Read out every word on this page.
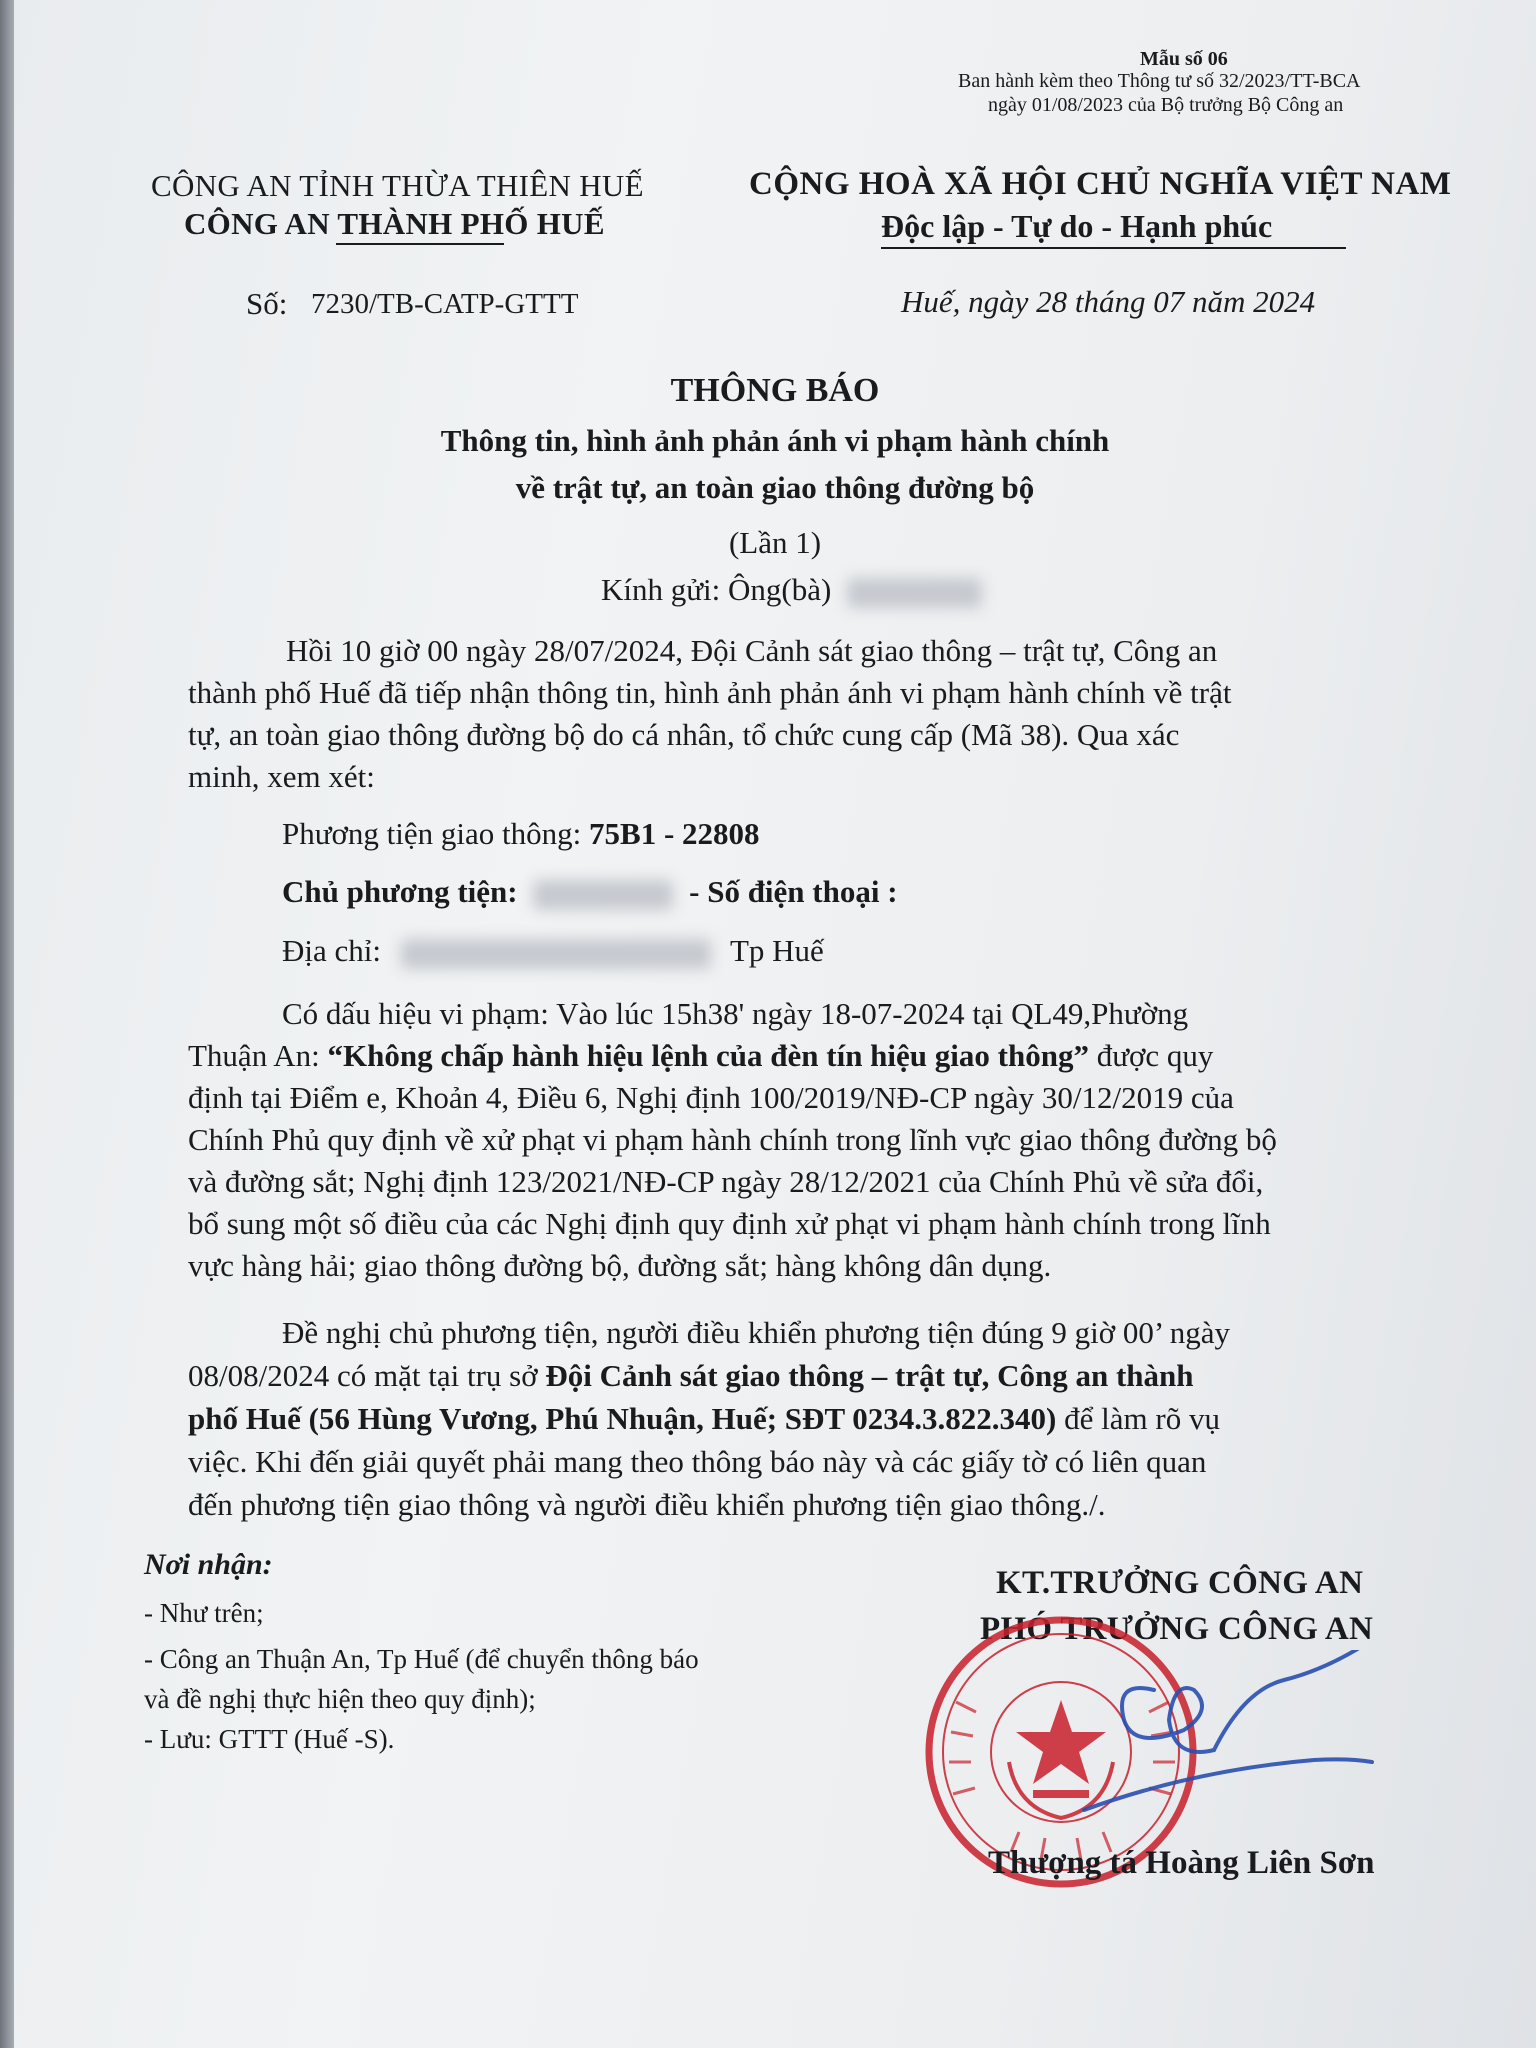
Mẫu số 06
Ban hành kèm theo Thông tư số 32/2023/TT-BCA
ngày 01/08/2023 của Bộ trưởng Bộ Công an
CÔNG AN TỈNH THỪA THIÊN HUẾ
CÔNG AN THÀNH PHỐ HUẾ
CỘNG HOÀ XÃ HỘI CHỦ NGHĨA VIỆT NAM
Độc lập - Tự do - Hạnh phúc
Số: 7230/TB-CATP-GTTT	Huế, ngày 28 tháng 07 năm 2024
THÔNG BÁO
Thông tin, hình ảnh phản ánh vi phạm hành chính
về trật tự, an toàn giao thông đường bộ
(Lần 1)
Kính gửi: Ông(bà)
Hồi 10 giờ 00 ngày 28/07/2024, Đội Cảnh sát giao thông – trật tự, Công an
thành phố Huế đã tiếp nhận thông tin, hình ảnh phản ánh vi phạm hành chính về trật
tự, an toàn giao thông đường bộ do cá nhân, tổ chức cung cấp (Mã 38). Qua xác
minh, xem xét:
Phương tiện giao thông: 75B1 - 22808
Chủ phương tiện:	- Số điện thoại :
Địa chỉ:	Tp Huế
Có dấu hiệu vi phạm: Vào lúc 15h38' ngày 18-07-2024 tại QL49,Phường
Thuận An: “Không chấp hành hiệu lệnh của đèn tín hiệu giao thông” được quy
định tại Điểm e, Khoản 4, Điều 6, Nghị định 100/2019/NĐ-CP ngày 30/12/2019 của
Chính Phủ quy định về xử phạt vi phạm hành chính trong lĩnh vực giao thông đường bộ
và đường sắt; Nghị định 123/2021/NĐ-CP ngày 28/12/2021 của Chính Phủ về sửa đổi,
bổ sung một số điều của các Nghị định quy định xử phạt vi phạm hành chính trong lĩnh
vực hàng hải; giao thông đường bộ, đường sắt; hàng không dân dụng.
Đề nghị chủ phương tiện, người điều khiển phương tiện đúng 9 giờ 00’ ngày
08/08/2024 có mặt tại trụ sở Đội Cảnh sát giao thông – trật tự, Công an thành
phố Huế (56 Hùng Vương, Phú Nhuận, Huế; SĐT 0234.3.822.340) để làm rõ vụ
việc. Khi đến giải quyết phải mang theo thông báo này và các giấy tờ có liên quan
đến phương tiện giao thông và người điều khiển phương tiện giao thông./.
Nơi nhận:
- Như trên;
- Công an Thuận An, Tp Huế (để chuyển thông báo
và đề nghị thực hiện theo quy định);
- Lưu: GTTT (Huế -S).
KT.TRƯỞNG CÔNG AN
PHÓ TRƯỞNG CÔNG AN
Thượng tá Hoàng Liên Sơn
